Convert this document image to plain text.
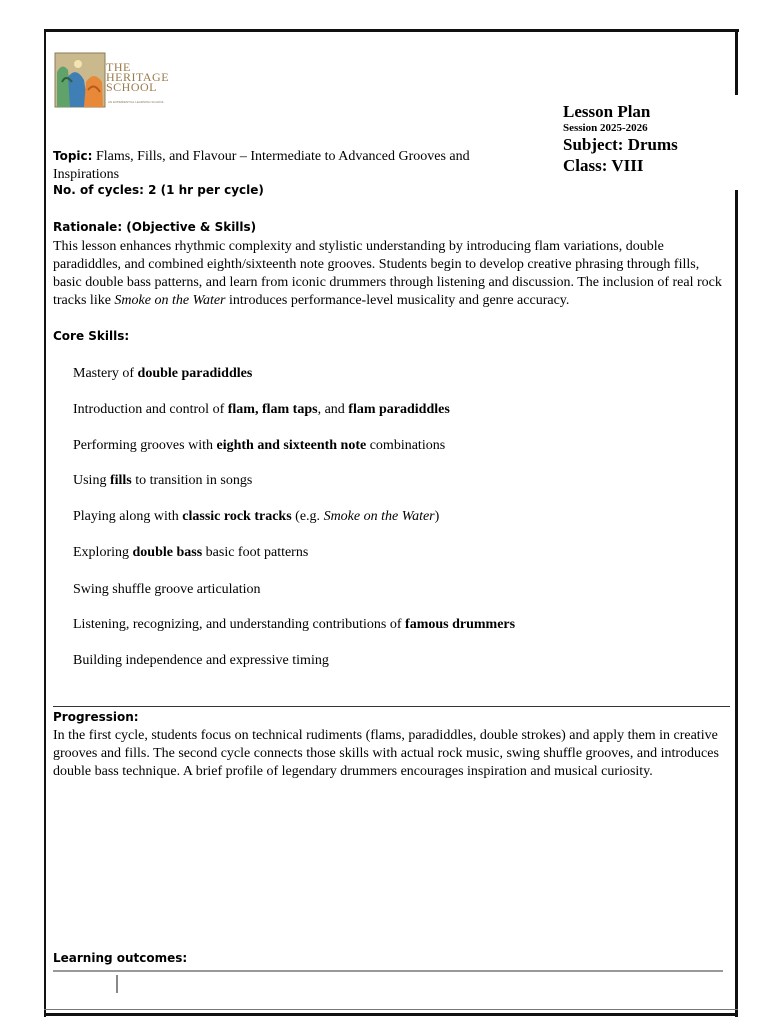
THE
HERITAGE
SCHOOL
AN EXPERIENTIAL LEARNING SCHOOL	Lesson Plan
Session 2025-2026
Subject: Drums
Class: VIII
Topic: Flams, Fills, and Flavour – Intermediate to Advanced Grooves and Inspirations
No. of cycles: 2 (1 hr per cycle)
Rationale: (Objective & Skills)
This lesson enhances rhythmic complexity and stylistic understanding by introducing flam variations, double paradiddles, and combined eighth/sixteenth note grooves. Students begin to develop creative phrasing through fills, basic double bass patterns, and learn from iconic drummers through listening and discussion. The inclusion of real rock tracks like Smoke on the Water introduces performance-level musicality and genre accuracy.
Core Skills:
Mastery of double paradiddles
Introduction and control of flam, flam taps, and flam paradiddles
Performing grooves with eighth and sixteenth note combinations
Using fills to transition in songs
Playing along with classic rock tracks (e.g. Smoke on the Water)
Exploring double bass basic foot patterns
Swing shuffle groove articulation
Listening, recognizing, and understanding contributions of famous drummers
Building independence and expressive timing
Progression:
In the first cycle, students focus on technical rudiments (flams, paradiddles, double strokes) and apply them in creative grooves and fills. The second cycle connects those skills with actual rock music, swing shuffle grooves, and introduces double bass technique. A brief profile of legendary drummers encourages inspiration and musical curiosity.
Learning outcomes:
